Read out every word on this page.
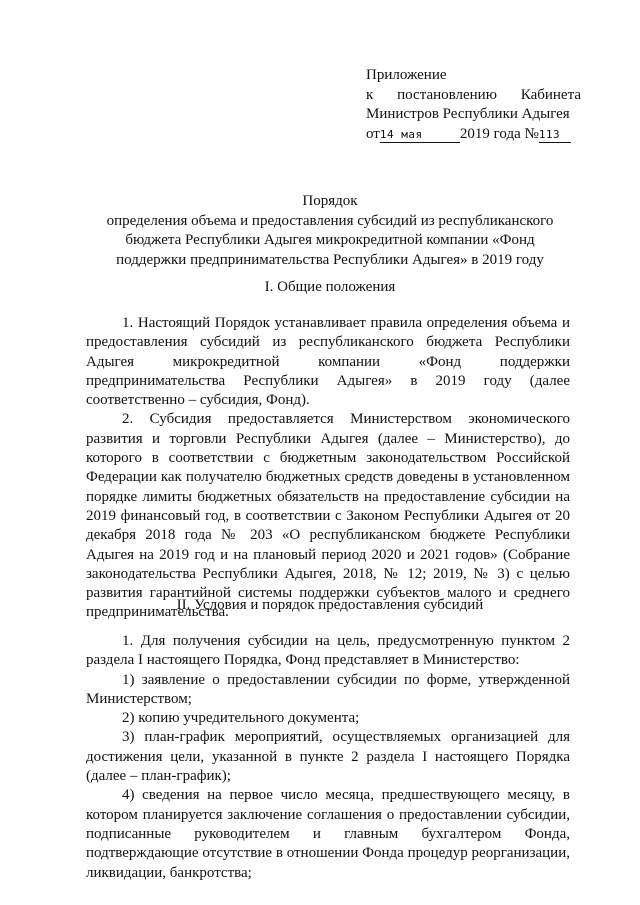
Приложение
к постановлению Кабинета
Министров Республики Адыгея
от14 мая 2019 года №113
Порядок
определения объема и предоставления субсидий из республиканского
бюджета Республики Адыгея микрокредитной компании «Фонд
поддержки предпринимательства Республики Адыгея» в 2019 году
I. Общие положения

1. Настоящий Порядок устанавливает правила определения объема и предоставления субсидий из республиканского бюджета Республики Адыгея микрокредитной компании «Фонд поддержки предпринимательства Республики Адыгея» в 2019 году (далее соответственно – субсидия, Фонд).

2. Субсидия предоставляется Министерством экономического развития и торговли Республики Адыгея (далее – Министерство), до которого в соответствии с бюджетным законодательством Российской Федерации как получателю бюджетных средств доведены в установленном порядке лимиты бюджетных обязательств на предоставление субсидии на 2019 финансовый год, в соответствии с Законом Республики Адыгея от 20 декабря 2018 года № 203 «О республиканском бюджете Республики Адыгея на 2019 год и на плановый период 2020 и 2021 годов» (Собрание законодательства Республики Адыгея, 2018, № 12; 2019, № 3) с целью развития гарантийной системы поддержки субъектов малого и среднего предпринимательства.

II. Условия и порядок предоставления субсидий

1. Для получения субсидии на цель, предусмотренную пунктом 2 раздела I настоящего Порядка, Фонд представляет в Министерство:

1) заявление о предоставлении субсидии по форме, утвержденной Министерством;

2) копию учредительного документа;

3) план-график мероприятий, осуществляемых организацией для достижения цели, указанной в пункте 2 раздела I настоящего Порядка (далее – план-график);

4) сведения на первое число месяца, предшествующего месяцу, в котором планируется заключение соглашения о предоставлении субсидии, подписанные руководителем и главным бухгалтером Фонда, подтверждающие отсутствие в отношении Фонда процедур реорганизации, ликвидации, банкротства;
